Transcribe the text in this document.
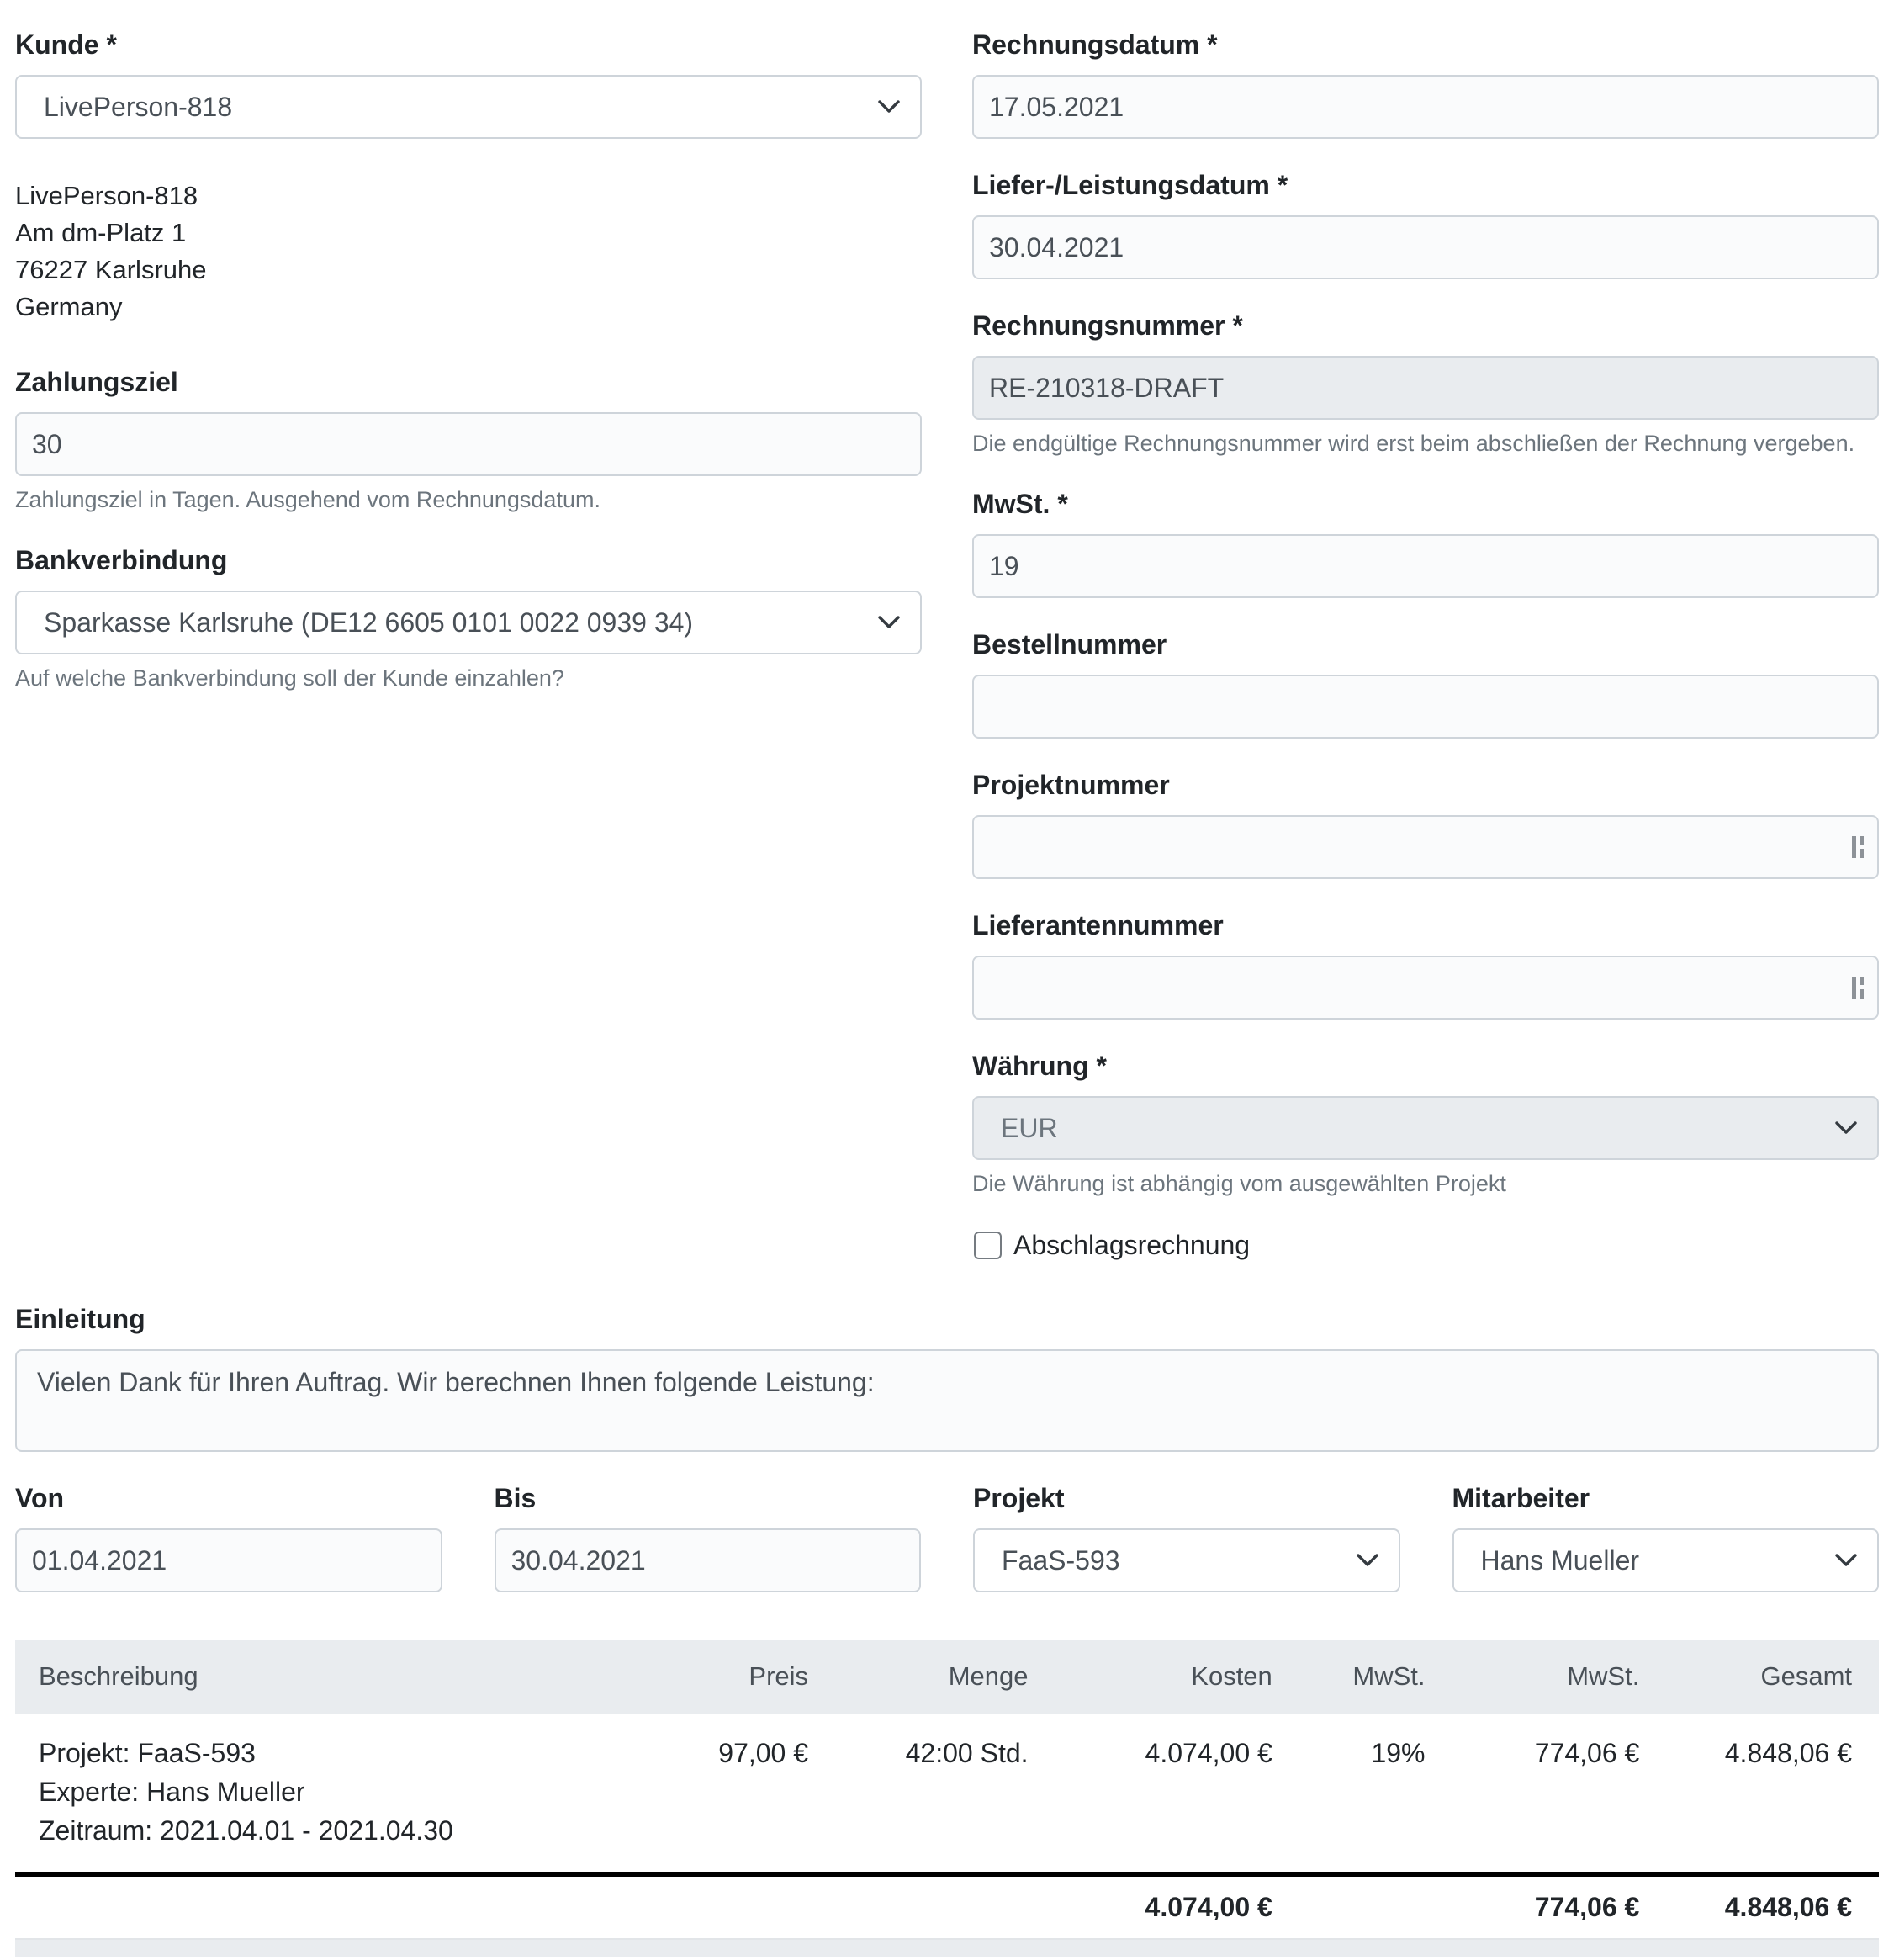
Kunde *
LivePerson-818
LivePerson-818
Am dm-Platz 1
76227 Karlsruhe
Germany
Zahlungsziel
30
Zahlungsziel in Tagen. Ausgehend vom Rechnungsdatum.
Bankverbindung
Sparkasse Karlsruhe (DE12 6605 0101 0022 0939 34)
Auf welche Bankverbindung soll der Kunde einzahlen?
Rechnungsdatum *
17.05.2021
Liefer-/Leistungsdatum *
30.04.2021
Rechnungsnummer *
RE-210318-DRAFT
Die endgültige Rechnungsnummer wird erst beim abschließen der Rechnung vergeben.
MwSt. *
19
Bestellnummer
Projektnummer
Lieferantennummer
Währung *
EUR
Die Währung ist abhängig vom ausgewählten Projekt
Abschlagsrechnung
Einleitung
Vielen Dank für Ihren Auftrag. Wir berechnen Ihnen folgende Leistung:
Von
01.04.2021	Bis
30.04.2021	Projekt
FaaS-593	Mitarbeiter
Hans Mueller
Beschreibung	Preis	Menge	Kosten	MwSt.	MwSt.	Gesamt

Projekt: FaaS-593
Experte: Hans Mueller
Zeitraum: 2021.04.01 - 2021.04.30	97,00 €	42:00 Std.	4.074,00 €	19%	774,06 €	4.848,06 €
			4.074,00 €		774,06 €	4.848,06 €
